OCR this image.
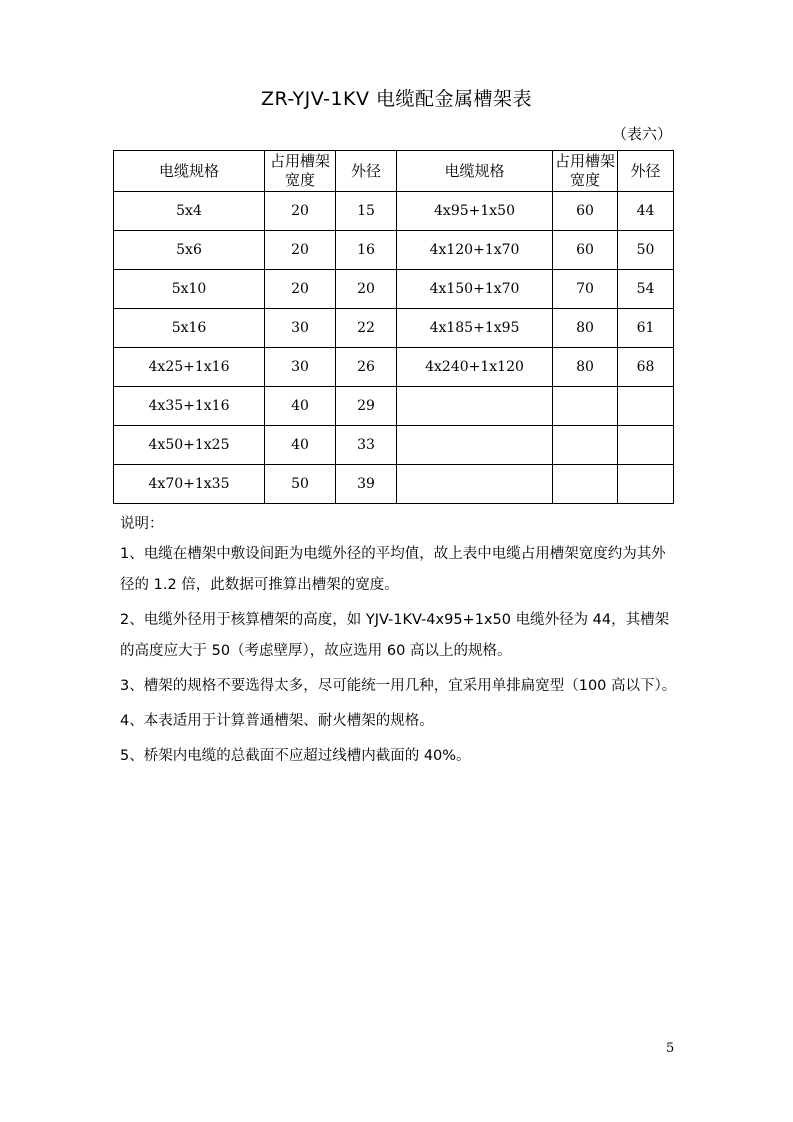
ZR-YJV-1KV 电缆配金属槽架表
（表六）
电缆规格	占用槽架宽度	外径	电缆规格	占用槽架宽度	外径
5x4	20	15	4x95+1x50	60	44
5x6	20	16	4x120+1x70	60	50
5x10	20	20	4x150+1x70	70	54
5x16	30	22	4x185+1x95	80	61
4x25+1x16	30	26	4x240+1x120	80	68
4x35+1x16	40	29			
4x50+1x25	40	33			
4x70+1x35	50	39			
说明：

1、电缆在槽架中敷设间距为电缆外径的平均值，故上表中电缆占用槽架宽度约为其外径的 1.2 倍，此数据可推算出槽架的宽度。

2、电缆外径用于核算槽架的高度，如 YJV-1KV-4x95+1x50 电缆外径为 44，其槽架的高度应大于 50（考虑壁厚），故应选用 60 高以上的规格。

3、槽架的规格不要选得太多，尽可能统一用几种，宜采用单排扁宽型（100 高以下）。

4、本表适用于计算普通槽架、耐火槽架的规格。

5、桥架内电缆的总截面不应超过线槽内截面的 40%。

5
